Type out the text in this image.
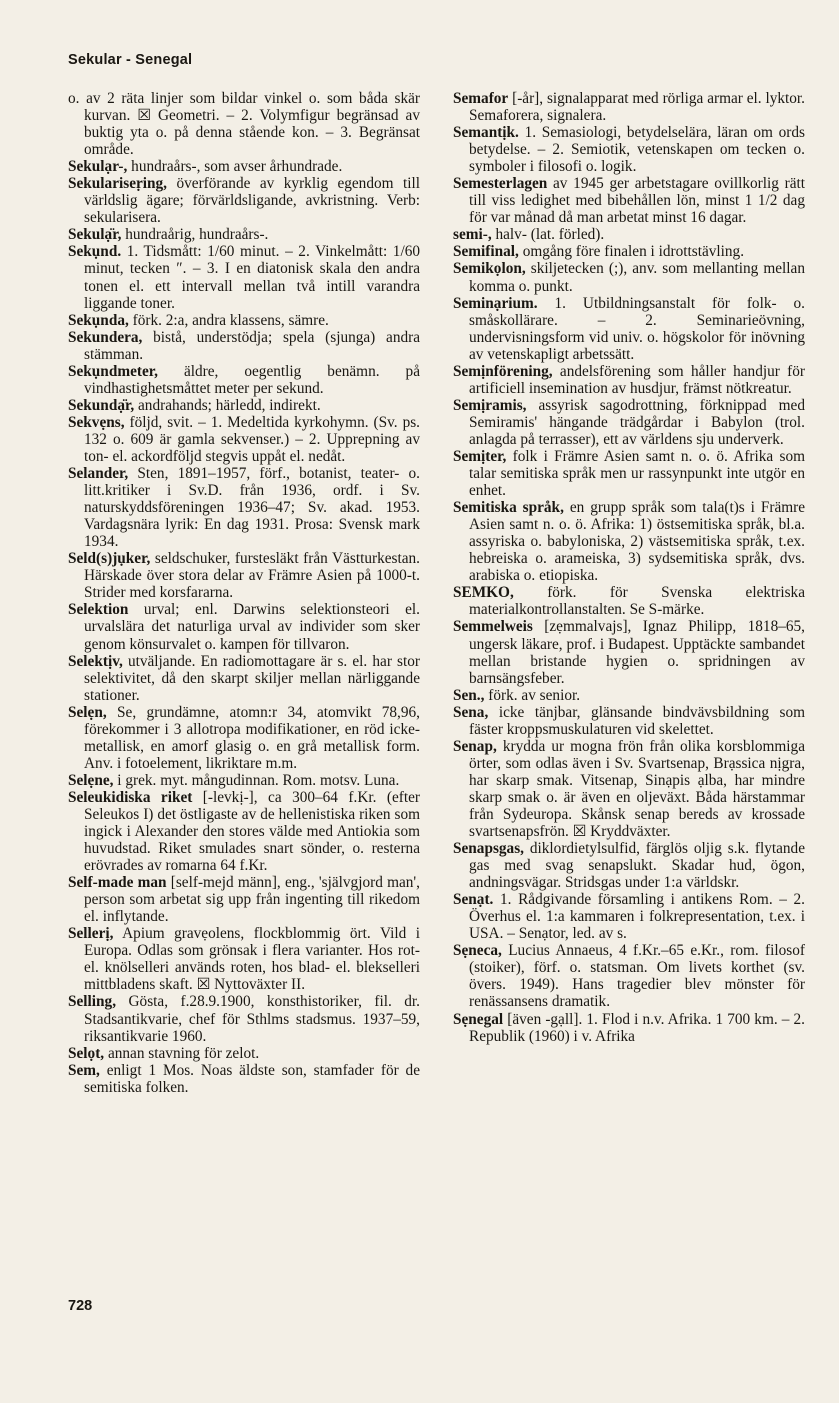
Sekular - Senegal

o. av 2 räta linjer som bildar vinkel o. som båda skär kurvan. ☒ Geometri. – 2. Volymfigur begränsad av buktig yta o. på denna stående kon. – 3. Begränsat område.

Sekulạr-, hundraårs-, som avser århundrade.

Sekulariseṛing, överförande av kyrklig egendom till världslig ägare; förvärldsligande, avkristning. Verb: sekularisera.

Sekulạ̈r, hundraårig, hundraårs-.

Sekụnd. 1. Tidsmått: 1/60 minut. – 2. Vinkelmått: 1/60 minut, tecken ″. – 3. I en diatonisk skala den andra tonen el. ett intervall mellan två intill varandra liggande toner.

Sekụnda, förk. 2:a, andra klassens, sämre.

Sekundera, bistå, understödja; spela (sjunga) andra stämman.

Sekụndmeter, äldre, oegentlig benämn. på vindhastighetsmåttet meter per sekund.

Sekundạ̈r, andrahands; härledd, indirekt.

Sekvẹns, följd, svit. – 1. Medeltida kyrkohymn. (Sv. ps. 132 o. 609 är gamla sekvenser.) – 2. Upprepning av ton- el. ackordföljd stegvis uppåt el. nedåt.

Selander, Sten, 1891–1957, förf., botanist, teater- o. litt.kritiker i Sv.D. från 1936, ordf. i Sv. naturskyddsföreningen 1936–47; Sv. akad. 1953. Vardagsnära lyrik: En dag 1931. Prosa: Svensk mark 1934.

Seld(s)jụker, seldschuker, furstesläkt från Västturkestan. Härskade över stora delar av Främre Asien på 1000-t. Strider med korsfararna.

Selektion urval; enl. Darwins selektionsteori el. urvalslära det naturliga urval av individer som sker genom könsurvalet o. kampen för tillvaron.

Selektịv, utväljande. En radiomottagare är s. el. har stor selektivitet, då den skarpt skiljer mellan närliggande stationer.

Selẹn, Se, grundämne, atomn:r 34, atomvikt 78,96, förekommer i 3 allotropa modifikationer, en röd icke-metallisk, en amorf glasig o. en grå metallisk form. Anv. i fotoelement, likriktare m.m.

Selẹne, i grek. myt. mångudinnan. Rom. motsv. Luna.

Seleukidiska riket [-levkị-], ca 300–64 f.Kr. (efter Seleukos I) det östligaste av de hellenistiska riken som ingick i Alexander den stores välde med Antiokia som huvudstad. Riket smulades snart sönder, o. resterna erövrades av romarna 64 f.Kr.

Self-made man [self-mejd männ], eng., 'självgjord man', person som arbetat sig upp från ingenting till rikedom el. inflytande.

Sellerị, Apium gravẹolens, flockblommig ört. Vild i Europa. Odlas som grönsak i flera varianter. Hos rot- el. knölselleri används roten, hos blad- el. blekselleri mittbladens skaft. ☒ Nyttoväxter II.

Selling, Gösta, f.28.9.1900, konsthistoriker, fil. dr. Stadsantikvarie, chef för Sthlms stadsmus. 1937–59, riksantikvarie 1960.

Selọt, annan stavning för zelot.

Sem, enligt 1 Mos. Noas äldste son, stamfader för de semitiska folken.

Semafor [-år], signalapparat med rörliga armar el. lyktor. Semaforera, signalera.

Semantịk. 1. Semasiologi, betydelselära, läran om ords betydelse. – 2. Semiotik, vetenskapen om tecken o. symboler i filosofi o. logik.

Semesterlagen av 1945 ger arbetstagare ovillkorlig rätt till viss ledighet med bibehållen lön, minst 1 1/2 dag för var månad då man arbetat minst 16 dagar.

semi-, halv- (lat. förled).

Semifinal, omgång före finalen i idrottstävling.

Semikọlon, skiljetecken (;), anv. som mellanting mellan komma o. punkt.

Seminạrium. 1. Utbildningsanstalt för folk- o. småskollärare. – 2. Seminarieövning, undervisningsform vid univ. o. högskolor för inövning av vetenskapligt arbetssätt.

Semịnförening, andelsförening som håller handjur för artificiell insemination av husdjur, främst nötkreatur.

Semịramis, assyrisk sagodrottning, förknippad med Semiramis' hängande trädgårdar i Babylon (trol. anlagda på terrasser), ett av världens sju underverk.

Semịter, folk i Främre Asien samt n. o. ö. Afrika som talar semitiska språk men ur rassynpunkt inte utgör en enhet.

Semitiska språk, en grupp språk som tala(t)s i Främre Asien samt n. o. ö. Afrika: 1) östsemitiska språk, bl.a. assyriska o. babyloniska, 2) västsemitiska språk, t.ex. hebreiska o. arameiska, 3) sydsemitiska språk, dvs. arabiska o. etiopiska.

SEMKO, förk. för Svenska elektriska materialkontrollanstalten. Se S-märke.

Semmelweis [zẹmmalvajs], Ignaz Philipp, 1818–65, ungersk läkare, prof. i Budapest. Upptäckte sambandet mellan bristande hygien o. spridningen av barnsängsfeber.

Sen., förk. av senior.

Sena, icke tänjbar, glänsande bindvävsbildning som fäster kroppsmuskulaturen vid skelettet.

Senap, krydda ur mogna frön från olika korsblommiga örter, som odlas även i Sv. Svartsenap, Brạssica nịgra, har skarp smak. Vitsenap, Sinạpis ạlba, har mindre skarp smak o. är även en oljeväxt. Båda härstammar från Sydeuropa. Skånsk senap bereds av krossade svartsenapsfrön. ☒ Kryddväxter.

Senapsgas, diklordietylsulfid, färglös oljig s.k. flytande gas med svag senapslukt. Skadar hud, ögon, andningsvägar. Stridsgas under 1:a världskr.

Senạt. 1. Rådgivande församling i antikens Rom. – 2. Överhus el. 1:a kammaren i folkrepresentation, t.ex. i USA. – Senạtor, led. av s.

Sẹneca, Lucius Annaeus, 4 f.Kr.–65 e.Kr., rom. filosof (stoiker), förf. o. statsman. Om livets korthet (sv. övers. 1949). Hans tragedier blev mönster för renässansens dramatik.

Sẹnegal [även -gạll]. 1. Flod i n.v. Afrika. 1 700 km. – 2. Republik (1960) i v. Afrika

728
